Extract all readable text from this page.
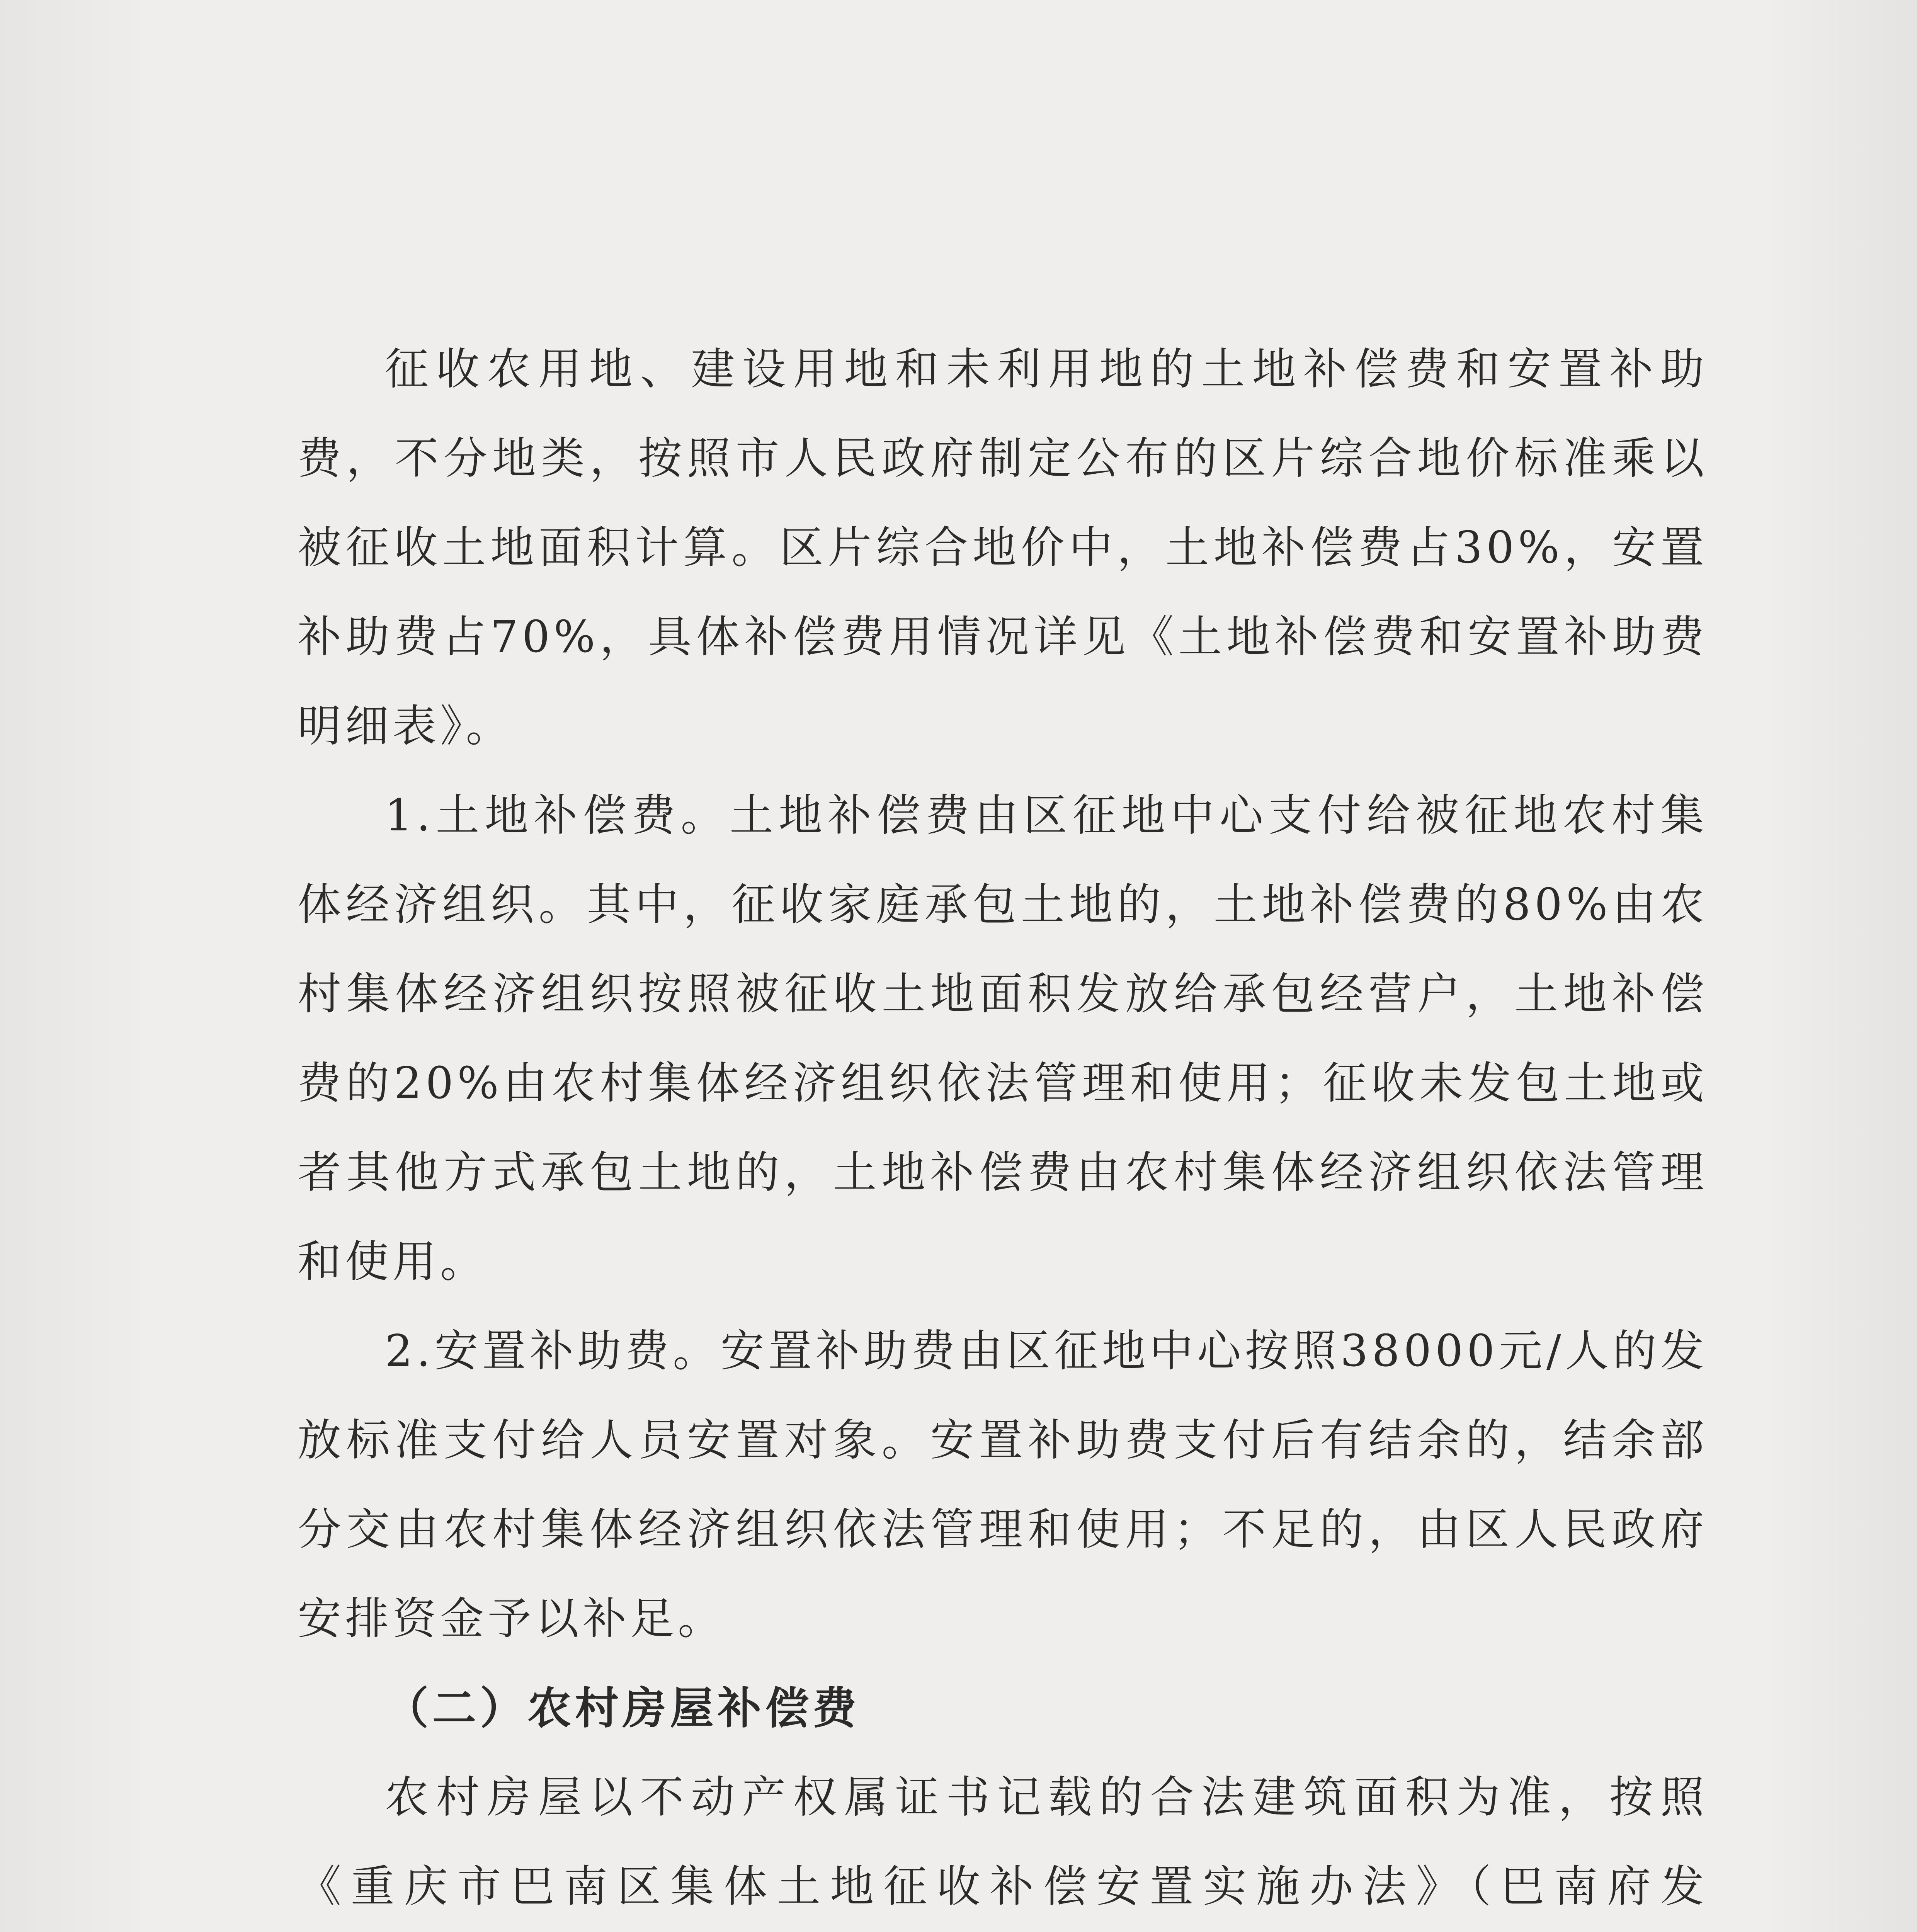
征收农用地、建设用地和未利用地的土地补偿费和安置补助费，不分地类，按照市人民政府制定公布的区片综合地价标准乘以被征收土地面积计算。区片综合地价中，土地补偿费占30%，安置补助费占70%，具体补偿费用情况详见《土地补偿费和安置补助费明细表》。

1.土地补偿费。土地补偿费由区征地中心支付给被征地农村集体经济组织。其中，征收家庭承包土地的，土地补偿费的80%由农村集体经济组织按照被征收土地面积发放给承包经营户，土地补偿费的20%由农村集体经济组织依法管理和使用；征收未发包土地或者其他方式承包土地的，土地补偿费由农村集体经济组织依法管理和使用。

2.安置补助费。安置补助费由区征地中心按照38000元/人的发放标准支付给人员安置对象。安置补助费支付后有结余的，结余部分交由农村集体经济组织依法管理和使用；不足的，由区人民政府安排资金予以补足。

（二）农村房屋补偿费

农村房屋以不动产权属证书记载的合法建筑面积为准，按照《重庆市巴南区集体土地征收补偿安置实施办法》（巴南府发
